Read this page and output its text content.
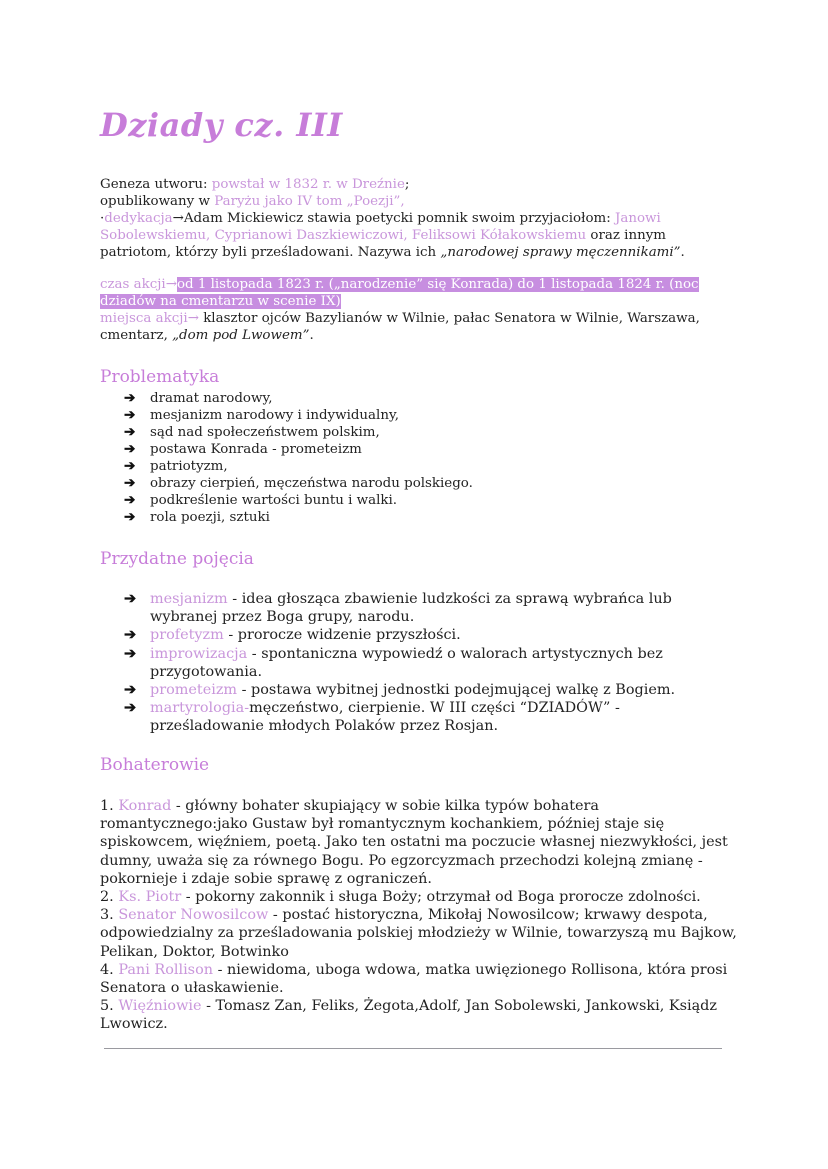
Dziady cz. III
Geneza utworu: powstał w 1832 r. w Dreźnie;
opublikowany w Paryżu jako IV tom „Poezji”,
·dedykacja→Adam Mickiewicz stawia poetycki pomnik swoim przyjaciołom: Janowi Sobolewskiemu, Cyprianowi Daszkiewiczowi, Feliksowi Kółakowskiemu oraz innym patriotom, którzy byli prześladowani. Nazywa ich „narodowej sprawy męczennikami”.
czas akcji→od 1 listopada 1823 r. („narodzenie” się Konrada) do 1 listopada 1824 r. (noc dziadów na cmentarzu w scenie IX)
miejsca akcji→ klasztor ojców Bazylianów w Wilnie, pałac Senatora w Wilnie, Warszawa, cmentarz, „dom pod Lwowem”.
Problematyka
➔ dramat narodowy,
➔ mesjanizm narodowy i indywidualny,
➔ sąd nad społeczeństwem polskim,
➔ postawa Konrada - prometeizm
➔ patriotyzm,
➔ obrazy cierpień, męczeństwa narodu polskiego.
➔ podkreślenie wartości buntu i walki.
➔ rola poezji, sztuki
Przydatne pojęcia
➔ mesjanizm - idea głosząca zbawienie ludzkości za sprawą wybrańca lub wybranej przez Boga grupy, narodu.
➔ profetyzm - prorocze widzenie przyszłości.
➔ improwizacja - spontaniczna wypowiedź o walorach artystycznych bez przygotowania.
➔ prometeizm - postawa wybitnej jednostki podejmującej walkę z Bogiem.
➔ martyrologia-męczeństwo, cierpienie. W III części “DZIADÓW” - prześladowanie młodych Polaków przez Rosjan.
Bohaterowie
1. Konrad - główny bohater skupiający w sobie kilka typów bohatera romantycznego:jako Gustaw był romantycznym kochankiem, później staje się spiskowcem, więźniem, poetą. Jako ten ostatni ma poczucie własnej niezwykłości, jest dumny, uważa się za równego Bogu. Po egzorcyzmach przechodzi kolejną zmianę - pokornieje i zdaje sobie sprawę z ograniczeń.
2. Ks. Piotr - pokorny zakonnik i sługa Boży; otrzymał od Boga prorocze zdolności.
3. Senator Nowosilcow - postać historyczna, Mikołaj Nowosilcow; krwawy despota, odpowiedzialny za prześladowania polskiej młodzieży w Wilnie, towarzyszą mu Bajkow, Pelikan, Doktor, Botwinko
4. Pani Rollison - niewidoma, uboga wdowa, matka uwięzionego Rollisona, która prosi Senatora o ułaskawienie.
5. Więźniowie - Tomasz Zan, Feliks, Żegota,Adolf, Jan Sobolewski, Jankowski, Ksiądz Lwowicz.
